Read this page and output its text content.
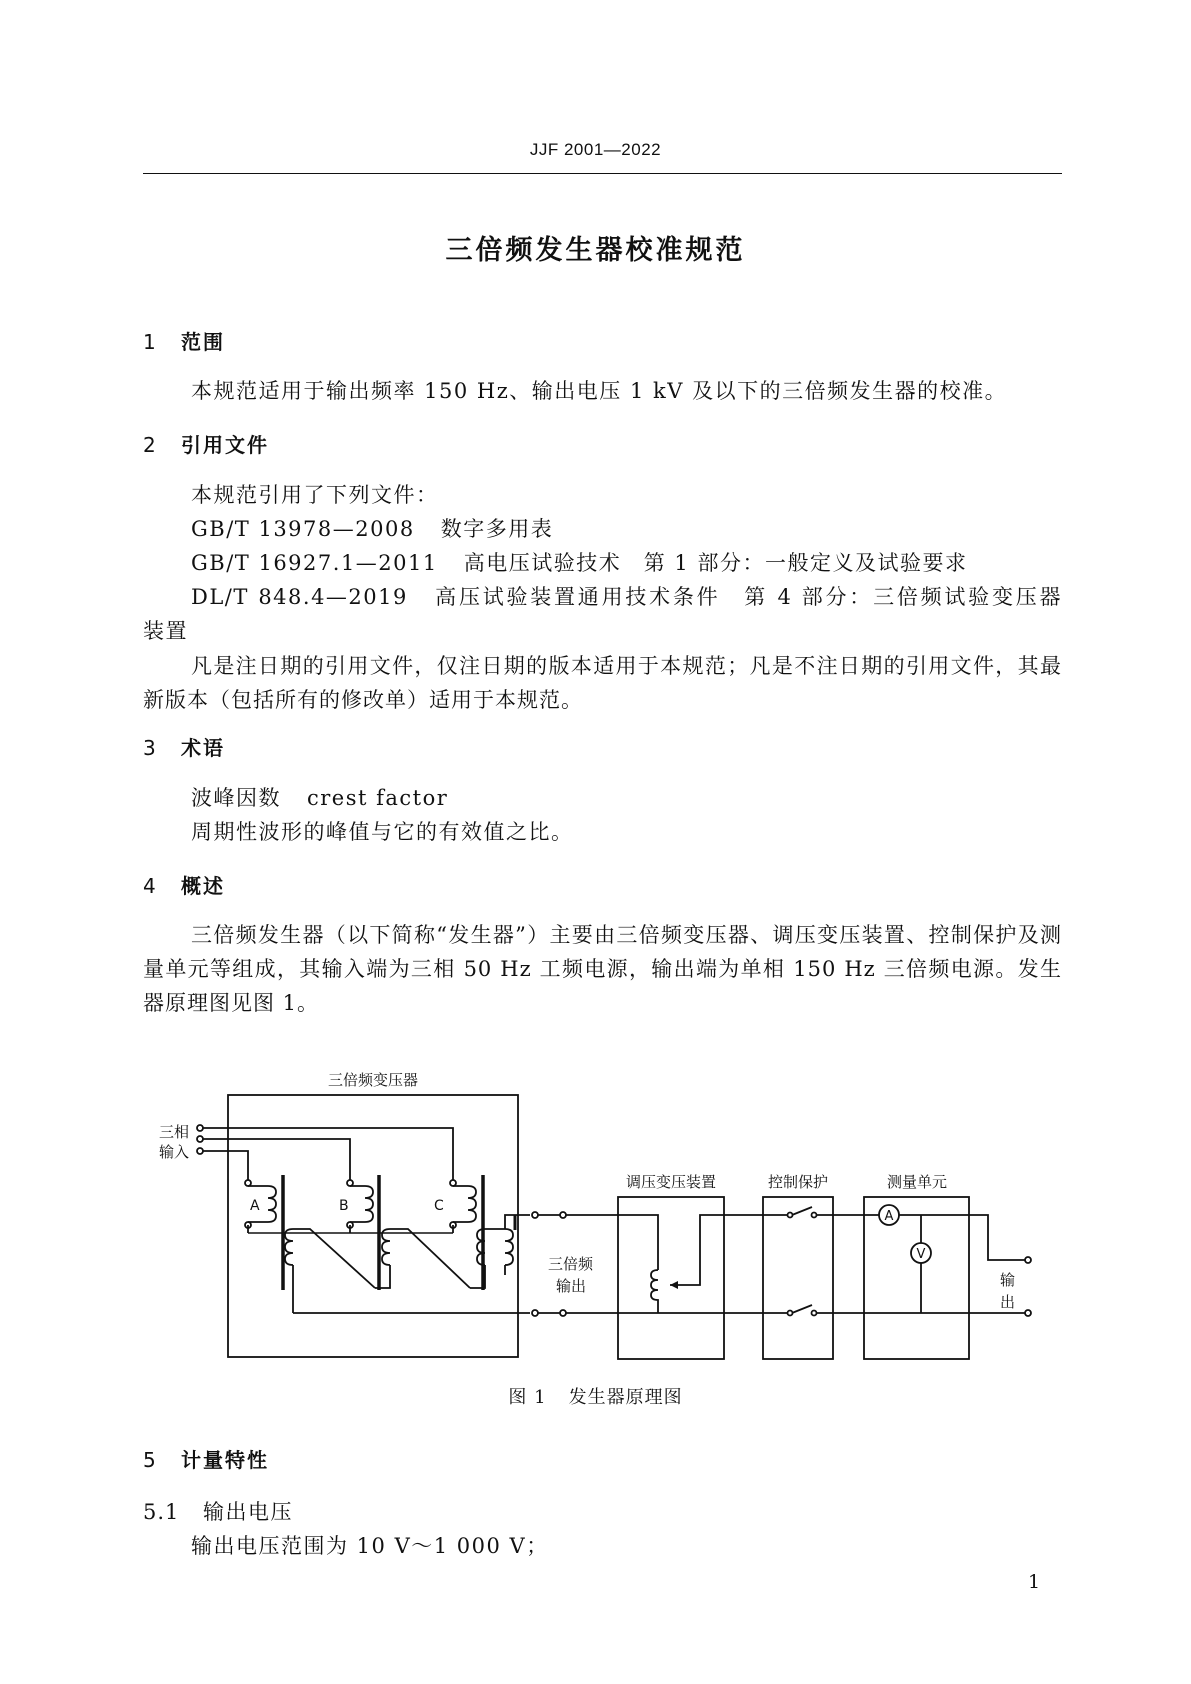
JJF 2001—2022
三倍频发生器校准规范
1 范围
本规范适用于输出频率 150 Hz、输出电压 1 kV 及以下的三倍频发生器的校准。
2 引用文件
本规范引用了下列文件：
GB/T 13978—2008 数字多用表
GB/T 16927.1—2011 高电压试验技术　第 1 部分：一般定义及试验要求
DL/T 848.4—2019 高压试验装置通用技术条件　第 4 部分：三倍频试验变压器
装置
凡是注日期的引用文件，仅注日期的版本适用于本规范；凡是不注日期的引用文件，其最新版本（包括所有的修改单）适用于本规范。
3 术语
波峰因数 crest factor
周期性波形的峰值与它的有效值之比。
4 概述
三倍频发生器（以下简称“发生器”）主要由三倍频变压器、调压变压装置、控制保护及测量单元等组成，其输入端为三相 50 Hz 工频电源，输出端为单相 150 Hz 三倍频电源。发生器原理图见图 1。
三倍频变压器
三相
输入
A	B	C
三倍频
输出
调压变压装置	控制保护	测量单元
A
V
输
出
图 1 发生器原理图
5 计量特性
5.1 输出电压
输出电压范围为 10 V～1 000 V；
1
